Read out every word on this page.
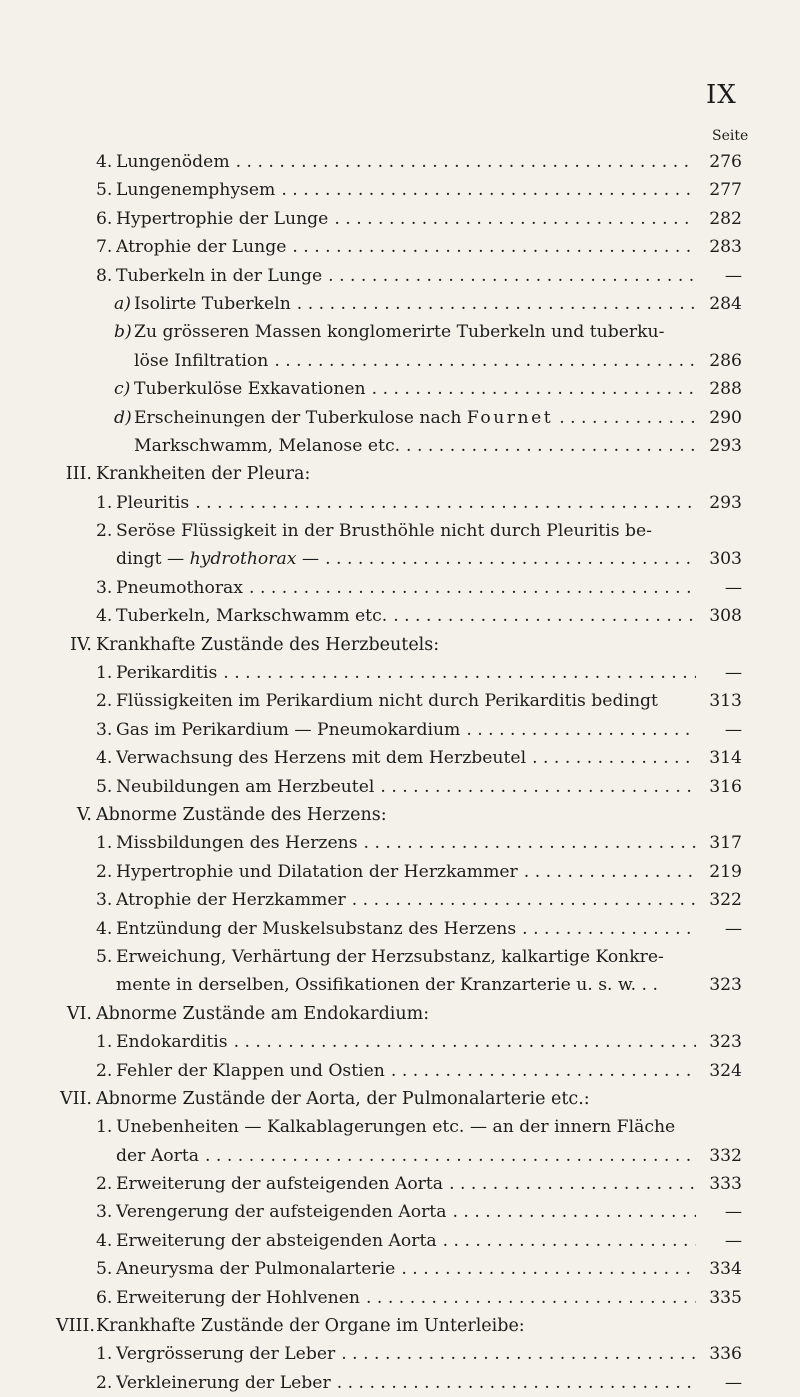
IX
Seite
4. Lungenödem . . .	276
5. Lungenemphysem . . .	277
6. Hypertrophie der Lunge . . .	282
7. Atrophie der Lunge . . .	283
8. Tuberkeln in der Lunge . . .	—
a) Isolirte Tuberkeln . . .	284
b) Zu grösseren Massen konglomerirte Tuberkeln und tuberku-
löse Infiltration . . .	286
c) Tuberkulöse Exkavationen . . .	288
d) Erscheinungen der Tuberkulose nach Fournet . . .	290
Markschwamm, Melanose etc. . . .	293
III. Krankheiten der Pleura:
1. Pleuritis . . .	293
2. Seröse Flüssigkeit in der Brusthöhle nicht durch Pleuritis be-
dingt — hydrothorax — . . .	303
3. Pneumothorax . . .	—
4. Tuberkeln, Markschwamm etc. . . .	308
IV. Krankhafte Zustände des Herzbeutels:
1. Perikarditis . . .	—
2. Flüssigkeiten im Perikardium nicht durch Perikarditis bedingt	313
3. Gas im Perikardium — Pneumokardium . . .	—
4. Verwachsung des Herzens mit dem Herzbeutel . . .	314
5. Neubildungen am Herzbeutel . . .	316
V. Abnorme Zustände des Herzens:
1. Missbildungen des Herzens . . .	317
2. Hypertrophie und Dilatation der Herzkammer . . .	219
3. Atrophie der Herzkammer . . .	322
4. Entzündung der Muskelsubstanz des Herzens . . .	—
5. Erweichung, Verhärtung der Herzsubstanz, kalkartige Konkre-
mente in derselben, Ossifikationen der Kranzarterie u. s. w. . .	323
VI. Abnorme Zustände am Endokardium:
1. Endokarditis . . .	323
2. Fehler der Klappen und Ostien . . .	324
VII. Abnorme Zustände der Aorta, der Pulmonalarterie etc.:
1. Unebenheiten — Kalkablagerungen etc. — an der innern Fläche
der Aorta . . .	332
2. Erweiterung der aufsteigenden Aorta . . .	333
3. Verengerung der aufsteigenden Aorta . . .	—
4. Erweiterung der absteigenden Aorta . . .	—
5. Aneurysma der Pulmonalarterie . . .	334
6. Erweiterung der Hohlvenen . . .	335
VIII. Krankhafte Zustände der Organe im Unterleibe:
1. Vergrösserung der Leber . . .	336
2. Verkleinerung der Leber . . .	—
